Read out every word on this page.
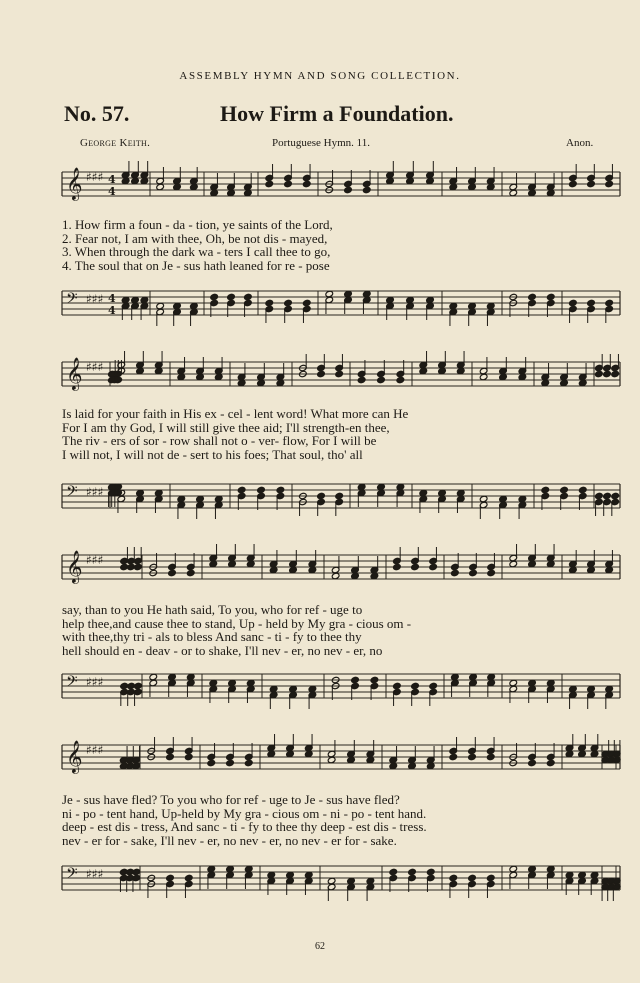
ASSEMBLY HYMN AND SONG COLLECTION.
No. 57.	How Firm a Foundation.
George Keith.	Portuguese Hymn. 11.	Anon.
𝄞 ♯♯♯ 4
4
1. How firm a foun - da - tion, ye saints of the Lord,
2. Fear not, I am with thee, Oh, be not dis - mayed,
3. When through the dark wa - ters I call thee to go,
4. The soul that on Je - sus hath leaned for re - pose
𝄢 ♯♯♯ 4
4
𝄞 ♯♯♯
Is laid for your faith in His ex - cel - lent word! What more can He
For I am thy God, I will still give thee aid; I'll strength-en thee,
The riv - ers of sor - row shall not o - ver- flow, For I will be
I will not, I will not de - sert to his foes; That soul, tho' all
𝄢 ♯♯♯
𝄞 ♯♯♯
say, than to you He hath said, To you, who for ref - uge to
help thee,and cause thee to stand, Up - held by My gra - cious om -
with thee,thy tri - als to bless And sanc - ti - fy to thee thy
hell should en - deav - or to shake, I'll nev - er, no nev - er, no
𝄢 ♯♯♯
𝄞 ♯♯♯
Je - sus have fled? To you who for ref - uge to Je - sus have fled?
ni - po - tent hand, Up-held by My gra - cious om - ni - po - tent hand.
deep - est dis - tress, And sanc - ti - fy to thee thy deep - est dis - tress.
nev - er for - sake, I'll nev - er, no nev - er, no nev - er for - sake.
𝄢 ♯♯♯
62
